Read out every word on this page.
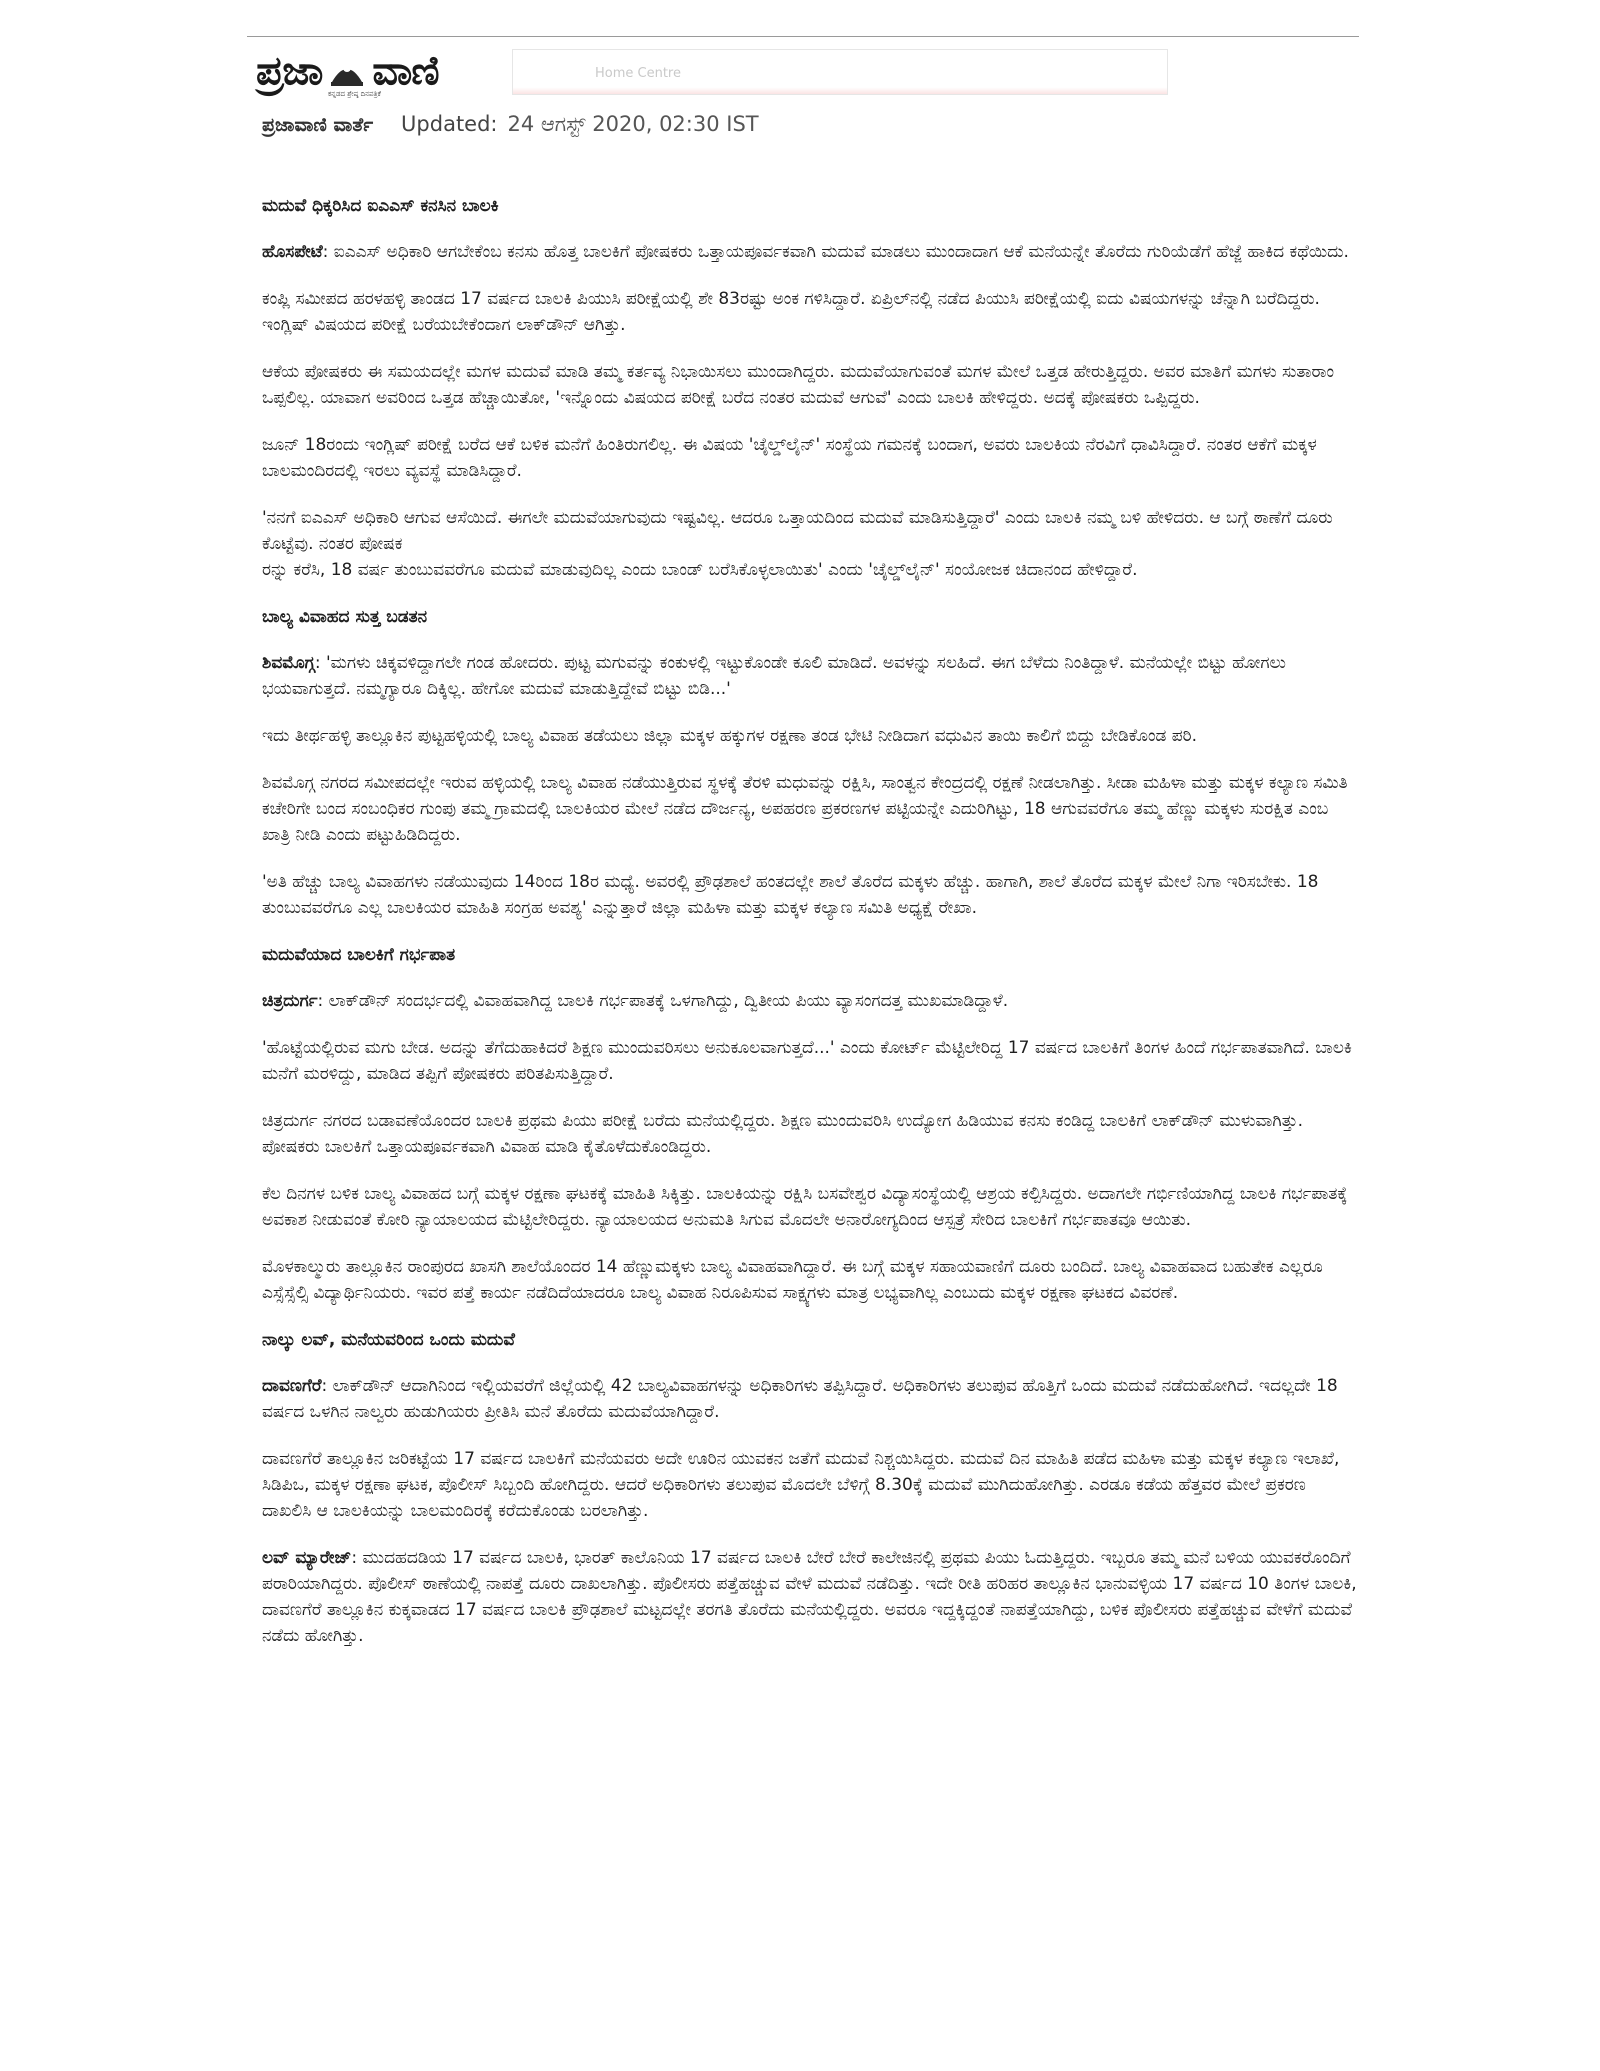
ಪ್ರಜಾ ವಾಣಿ
ಕನ್ನಡದ ಶ್ರೇಷ್ಠ ದಿನಪತ್ರಿಕೆ
Home Centre
ಪ್ರಜಾವಾಣಿ ವಾರ್ತೆ Updated: 24 ಆಗಸ್ಟ್ 2020, 02:30 IST
ಮದುವೆ ಧಿಕ್ಕರಿಸಿದ ಐಎಎಸ್ ಕನಸಿನ ಬಾಲಕಿ

ಹೊಸಪೇಟೆ: ಐಎಎಸ್ ಅಧಿಕಾರಿ ಆಗಬೇಕೆಂಬ ಕನಸು ಹೊತ್ತ ಬಾಲಕಿಗೆ ಪೋಷಕರು ಒತ್ತಾಯಪೂರ್ವಕವಾಗಿ ಮದುವೆ ಮಾಡಲು ಮುಂದಾದಾಗ ಆಕೆ ಮನೆಯನ್ನೇ ತೊರೆದು ಗುರಿಯೆಡೆಗೆ ಹೆಜ್ಜೆ ಹಾಕಿದ ಕಥೆಯಿದು.

ಕಂಪ್ಲಿ ಸಮೀಪದ ಹರಳಹಳ್ಳಿ ತಾಂಡದ 17 ವರ್ಷದ ಬಾಲಕಿ ಪಿಯುಸಿ ಪರೀಕ್ಷೆಯಲ್ಲಿ ಶೇ 83ರಷ್ಟು ಅಂಕ ಗಳಿಸಿದ್ದಾರೆ. ಏಪ್ರಿಲ್‌ನಲ್ಲಿ ನಡೆದ ಪಿಯುಸಿ ಪರೀಕ್ಷೆಯಲ್ಲಿ ಐದು ವಿಷಯಗಳನ್ನು ಚೆನ್ನಾಗಿ ಬರೆದಿದ್ದರು. ಇಂಗ್ಲಿಷ್ ವಿಷಯದ ಪರೀಕ್ಷೆ ಬರೆಯಬೇಕೆಂದಾಗ ಲಾಕ್‌ಡೌನ್ ಆಗಿತ್ತು.

ಆಕೆಯ ಪೋಷಕರು ಈ ಸಮಯದಲ್ಲೇ ಮಗಳ ಮದುವೆ ಮಾಡಿ ತಮ್ಮ ಕರ್ತವ್ಯ ನಿಭಾಯಿಸಲು ಮುಂದಾಗಿದ್ದರು. ಮದುವೆಯಾಗುವಂತೆ ಮಗಳ ಮೇಲೆ ಒತ್ತಡ ಹೇರುತ್ತಿದ್ದರು. ಅವರ ಮಾತಿಗೆ ಮಗಳು ಸುತಾರಾಂ ಒಪ್ಪಲಿಲ್ಲ. ಯಾವಾಗ ಅವರಿಂದ ಒತ್ತಡ ಹೆಚ್ಚಾಯಿತೋ, 'ಇನ್ನೊಂದು ವಿಷಯದ ಪರೀಕ್ಷೆ ಬರೆದ ನಂತರ ಮದುವೆ ಆಗುವೆ' ಎಂದು ಬಾಲಕಿ ಹೇಳಿದ್ದರು. ಅದಕ್ಕೆ ಪೋಷಕರು ಒಪ್ಪಿದ್ದರು.

ಜೂನ್ 18ರಂದು ಇಂಗ್ಲಿಷ್ ಪರೀಕ್ಷೆ ಬರೆದ ಆಕೆ ಬಳಿಕ ಮನೆಗೆ ಹಿಂತಿರುಗಲಿಲ್ಲ. ಈ ವಿಷಯ 'ಚೈಲ್ಡ್‌ಲೈನ್' ಸಂಸ್ಥೆಯ ಗಮನಕ್ಕೆ ಬಂದಾಗ, ಅವರು ಬಾಲಕಿಯ ನೆರವಿಗೆ ಧಾವಿಸಿದ್ದಾರೆ. ನಂತರ ಆಕೆಗೆ ಮಕ್ಕಳ ಬಾಲಮಂದಿರದಲ್ಲಿ ಇರಲು ವ್ಯವಸ್ಥೆ ಮಾಡಿಸಿದ್ದಾರೆ.

'ನನಗೆ ಐಎಎಸ್ ಅಧಿಕಾರಿ ಆಗುವ ಆಸೆಯಿದೆ. ಈಗಲೇ ಮದುವೆಯಾಗುವುದು ಇಷ್ಟವಿಲ್ಲ. ಆದರೂ ಒತ್ತಾಯದಿಂದ ಮದುವೆ ಮಾಡಿಸುತ್ತಿದ್ದಾರೆ' ಎಂದು ಬಾಲಕಿ ನಮ್ಮ ಬಳಿ ಹೇಳಿದರು. ಆ ಬಗ್ಗೆ ಠಾಣೆಗೆ ದೂರು ಕೊಟ್ಟೆವು. ನಂತರ ಪೋಷಕ
ರನ್ನು ಕರೆಸಿ, 18 ವರ್ಷ ತುಂಬುವವರೆಗೂ ಮದುವೆ ಮಾಡುವುದಿಲ್ಲ ಎಂದು ಬಾಂಡ್ ಬರೆಸಿಕೊಳ್ಳಲಾಯಿತು' ಎಂದು 'ಚೈಲ್ಡ್‌ಲೈನ್' ಸಂಯೋಜಕ ಚಿದಾನಂದ ಹೇಳಿದ್ದಾರೆ.

ಬಾಲ್ಯ ವಿವಾಹದ ಸುತ್ತ ಬಡತನ

ಶಿವಮೊಗ್ಗ: 'ಮಗಳು ಚಿಕ್ಕವಳಿದ್ದಾಗಲೇ ಗಂಡ ಹೋದರು. ಪುಟ್ಟ ಮಗುವನ್ನು ಕಂಕುಳಲ್ಲಿ ಇಟ್ಟುಕೊಂಡೇ ಕೂಲಿ ಮಾಡಿದೆ. ಅವಳನ್ನು ಸಲಹಿದೆ. ಈಗ ಬೆಳೆದು ನಿಂತಿದ್ದಾಳೆ. ಮನೆಯಲ್ಲೇ ಬಿಟ್ಟು ಹೋಗಲು ಭಯವಾಗುತ್ತದೆ. ನಮ್ಮಗ್ಯಾರೂ ದಿಕ್ಕಿಲ್ಲ. ಹೇಗೋ ಮದುವೆ ಮಾಡುತ್ತಿದ್ದೇವೆ ಬಿಟ್ಟು ಬಿಡಿ...'

ಇದು ತೀರ್ಥಹಳ್ಳಿ ತಾಲ್ಲೂಕಿನ ಪುಟ್ಟಹಳ್ಳಿಯಲ್ಲಿ ಬಾಲ್ಯ ವಿವಾಹ ತಡೆಯಲು ಜಿಲ್ಲಾ ಮಕ್ಕಳ ಹಕ್ಕುಗಳ ರಕ್ಷಣಾ ತಂಡ ಭೇಟಿ ನೀಡಿದಾಗ ವಧುವಿನ ತಾಯಿ ಕಾಲಿಗೆ ಬಿದ್ದು ಬೇಡಿಕೊಂಡ ಪರಿ.

ಶಿವಮೊಗ್ಗ ನಗರದ ಸಮೀಪದಲ್ಲೇ ಇರುವ ಹಳ್ಳಿಯಲ್ಲಿ ಬಾಲ್ಯ ವಿವಾಹ ನಡೆಯುತ್ತಿರುವ ಸ್ಥಳಕ್ಕೆ ತೆರಳಿ ಮಧುವನ್ನು ರಕ್ಷಿಸಿ, ಸಾಂತ್ವನ ಕೇಂದ್ರದಲ್ಲಿ ರಕ್ಷಣೆ ನೀಡಲಾಗಿತ್ತು. ಸೀಡಾ ಮಹಿಳಾ ಮತ್ತು ಮಕ್ಕಳ ಕಲ್ಯಾಣ ಸಮಿತಿ ಕಚೇರಿಗೇ ಬಂದ ಸಂಬಂಧಿಕರ ಗುಂಪು ತಮ್ಮ ಗ್ರಾಮದಲ್ಲಿ ಬಾಲಕಿಯರ ಮೇಲೆ ನಡೆದ ದೌರ್ಜನ್ಯ, ಅಪಹರಣ ಪ್ರಕರಣಗಳ ಪಟ್ಟಿಯನ್ನೇ ಎದುರಿಗಿಟ್ಟು, 18 ಆಗುವವರೆಗೂ ತಮ್ಮ ಹೆಣ್ಣು ಮಕ್ಕಳು ಸುರಕ್ಷಿತ ಎಂಬ ಖಾತ್ರಿ ನೀಡಿ ಎಂದು ಪಟ್ಟುಹಿಡಿದಿದ್ದರು.

'ಅತಿ ಹೆಚ್ಚು ಬಾಲ್ಯ ವಿವಾಹಗಳು ನಡೆಯುವುದು 14ರಿಂದ 18ರ ಮಧ್ಯೆ. ಅವರಲ್ಲಿ ಪ್ರೌಢಶಾಲೆ ಹಂತದಲ್ಲೇ ಶಾಲೆ ತೊರೆದ ಮಕ್ಕಳು ಹೆಚ್ಚು. ಹಾಗಾಗಿ, ಶಾಲೆ ತೊರೆದ ಮಕ್ಕಳ ಮೇಲೆ ನಿಗಾ ಇರಿಸಬೇಕು. 18 ತುಂಬುವವರೆಗೂ ಎಲ್ಲ ಬಾಲಕಿಯರ ಮಾಹಿತಿ ಸಂಗ್ರಹ ಅವಶ್ಯ' ಎನ್ನುತ್ತಾರೆ ಜಿಲ್ಲಾ ಮಹಿಳಾ ಮತ್ತು ಮಕ್ಕಳ ಕಲ್ಯಾಣ ಸಮಿತಿ ಅಧ್ಯಕ್ಷೆ ರೇಖಾ.

ಮದುವೆಯಾದ ಬಾಲಕಿಗೆ ಗರ್ಭಪಾತ

ಚಿತ್ರದುರ್ಗ: ಲಾಕ್‌ಡೌನ್ ಸಂದರ್ಭದಲ್ಲಿ ವಿವಾಹವಾಗಿದ್ದ ಬಾಲಕಿ ಗರ್ಭಪಾತಕ್ಕೆ ಒಳಗಾಗಿದ್ದು, ದ್ವಿತೀಯ ಪಿಯು ವ್ಯಾಸಂಗದತ್ತ ಮುಖಮಾಡಿದ್ದಾಳೆ.

'ಹೊಟ್ಟೆಯಲ್ಲಿರುವ ಮಗು ಬೇಡ. ಅದನ್ನು ತೆಗೆದುಹಾಕಿದರೆ ಶಿಕ್ಷಣ ಮುಂದುವರಿಸಲು ಅನುಕೂಲವಾಗುತ್ತದೆ...' ಎಂದು ಕೋರ್ಟ್ ಮೆಟ್ಟಿಲೇರಿದ್ದ 17 ವರ್ಷದ ಬಾಲಕಿಗೆ ತಿಂಗಳ ಹಿಂದೆ ಗರ್ಭಪಾತವಾಗಿದೆ. ಬಾಲಕಿ ಮನೆಗೆ ಮರಳಿದ್ದು, ಮಾಡಿದ ತಪ್ಪಿಗೆ ಪೋಷಕರು ಪರಿತಪಿಸುತ್ತಿದ್ದಾರೆ.

ಚಿತ್ರದುರ್ಗ ನಗರದ ಬಡಾವಣೆಯೊಂದರ ಬಾಲಕಿ ಪ್ರಥಮ ಪಿಯು ಪರೀಕ್ಷೆ ಬರೆದು ಮನೆಯಲ್ಲಿದ್ದರು. ಶಿಕ್ಷಣ ಮುಂದುವರಿಸಿ ಉದ್ಯೋಗ ಹಿಡಿಯುವ ಕನಸು ಕಂಡಿದ್ದ ಬಾಲಕಿಗೆ ಲಾಕ್‌ಡೌನ್ ಮುಳುವಾಗಿತ್ತು. ಪೋಷಕರು ಬಾಲಕಿಗೆ ಒತ್ತಾಯಪೂರ್ವಕವಾಗಿ ವಿವಾಹ ಮಾಡಿ ಕೈತೊಳೆದುಕೊಂಡಿದ್ದರು.

ಕೆಲ ದಿನಗಳ ಬಳಿಕ ಬಾಲ್ಯ ವಿವಾಹದ ಬಗ್ಗೆ ಮಕ್ಕಳ ರಕ್ಷಣಾ ಘಟಕಕ್ಕೆ ಮಾಹಿತಿ ಸಿಕ್ಕಿತ್ತು. ಬಾಲಕಿಯನ್ನು ರಕ್ಷಿಸಿ ಬಸವೇಶ್ವರ ವಿದ್ಯಾಸಂಸ್ಥೆಯಲ್ಲಿ ಆಶ್ರಯ ಕಲ್ಪಿಸಿದ್ದರು. ಅದಾಗಲೇ ಗರ್ಭಿಣಿಯಾಗಿದ್ದ ಬಾಲಕಿ ಗರ್ಭಪಾತಕ್ಕೆ ಅವಕಾಶ ನೀಡುವಂತೆ ಕೋರಿ ನ್ಯಾಯಾಲಯದ ಮೆಟ್ಟಿಲೇರಿದ್ದರು. ನ್ಯಾಯಾಲಯದ ಅನುಮತಿ ಸಿಗುವ ಮೊದಲೇ ಅನಾರೋಗ್ಯದಿಂದ ಆಸ್ಪತ್ರೆ ಸೇರಿದ ಬಾಲಕಿಗೆ ಗರ್ಭಪಾತವೂ ಆಯಿತು.

ಮೊಳಕಾಲ್ಮುರು ತಾಲ್ಲೂಕಿನ ರಾಂಪುರದ ಖಾಸಗಿ ಶಾಲೆಯೊಂದರ 14 ಹೆಣ್ಣುಮಕ್ಕಳು ಬಾಲ್ಯ ವಿವಾಹವಾಗಿದ್ದಾರೆ. ಈ ಬಗ್ಗೆ ಮಕ್ಕಳ ಸಹಾಯವಾಣಿಗೆ ದೂರು ಬಂದಿದೆ. ಬಾಲ್ಯ ವಿವಾಹವಾದ ಬಹುತೇಕ ಎಲ್ಲರೂ ಎಸ್ಸೆಸ್ಸೆಲ್ಸಿ ವಿದ್ಯಾರ್ಥಿನಿಯರು. ಇವರ ಪತ್ತೆ ಕಾರ್ಯ ನಡೆದಿದೆಯಾದರೂ ಬಾಲ್ಯ ವಿವಾಹ ನಿರೂಪಿಸುವ ಸಾಕ್ಷ್ಯಗಳು ಮಾತ್ರ ಲಭ್ಯವಾಗಿಲ್ಲ ಎಂಬುದು ಮಕ್ಕಳ ರಕ್ಷಣಾ ಘಟಕದ ವಿವರಣೆ.

ನಾಲ್ಕು ಲವ್, ಮನೆಯವರಿಂದ ಒಂದು ಮದುವೆ

ದಾವಣಗೆರೆ: ಲಾಕ್‌ಡೌನ್ ಆದಾಗಿನಿಂದ ಇಲ್ಲಿಯವರೆಗೆ ಜಿಲ್ಲೆಯಲ್ಲಿ 42 ಬಾಲ್ಯವಿವಾಹಗಳನ್ನು ಅಧಿಕಾರಿಗಳು ತಪ್ಪಿಸಿದ್ದಾರೆ. ಅಧಿಕಾರಿಗಳು ತಲುಪುವ ಹೊತ್ತಿಗೆ ಒಂದು ಮದುವೆ ನಡೆದುಹೋಗಿದೆ. ಇದಲ್ಲದೇ 18 ವರ್ಷದ ಒಳಗಿನ ನಾಲ್ವರು ಹುಡುಗಿಯರು ಪ್ರೀತಿಸಿ ಮನೆ ತೊರೆದು ಮದುವೆಯಾಗಿದ್ದಾರೆ.

ದಾವಣಗೆರೆ ತಾಲ್ಲೂಕಿನ ಜರಿಕಟ್ಟೆಯ 17 ವರ್ಷದ ಬಾಲಕಿಗೆ ಮನೆಯವರು ಅದೇ ಊರಿನ ಯುವಕನ ಜತೆಗೆ ಮದುವೆ ನಿಶ್ಚಯಿಸಿದ್ದರು. ಮದುವೆ ದಿನ ಮಾಹಿತಿ ಪಡೆದ ಮಹಿಳಾ ಮತ್ತು ಮಕ್ಕಳ ಕಲ್ಯಾಣ ಇಲಾಖೆ, ಸಿಡಿಪಿಒ, ಮಕ್ಕಳ ರಕ್ಷಣಾ ಘಟಕ, ಪೊಲೀಸ್ ಸಿಬ್ಬಂದಿ ಹೋಗಿದ್ದರು. ಆದರೆ ಅಧಿಕಾರಿಗಳು ತಲುಪುವ ಮೊದಲೇ ಬೆಳಿಗ್ಗೆ 8.30ಕ್ಕೆ ಮದುವೆ ಮುಗಿದುಹೋಗಿತ್ತು. ಎರಡೂ ಕಡೆಯ ಹೆತ್ತವರ ಮೇಲೆ ಪ್ರಕರಣ ದಾಖಲಿಸಿ ಆ ಬಾಲಕಿಯನ್ನು ಬಾಲಮಂದಿರಕ್ಕೆ ಕರೆದುಕೊಂಡು ಬರಲಾಗಿತ್ತು.

ಲವ್ ಮ್ಯಾರೇಜ್: ಮುದಹದಡಿಯ 17 ವರ್ಷದ ಬಾಲಕಿ, ಭಾರತ್ ಕಾಲೊನಿಯ 17 ವರ್ಷದ ಬಾಲಕಿ ಬೇರೆ ಬೇರೆ ಕಾಲೇಜಿನಲ್ಲಿ ಪ್ರಥಮ ಪಿಯು ಓದುತ್ತಿದ್ದರು. ಇಬ್ಬರೂ ತಮ್ಮ ಮನೆ ಬಳಿಯ ಯುವಕರೊಂದಿಗೆ ಪರಾರಿಯಾಗಿದ್ದರು. ಪೊಲೀಸ್ ಠಾಣೆಯಲ್ಲಿ ನಾಪತ್ತೆ ದೂರು ದಾಖಲಾಗಿತ್ತು. ಪೊಲೀಸರು ಪತ್ತೆಹಚ್ಚುವ ವೇಳೆ ಮದುವೆ ನಡೆದಿತ್ತು. ಇದೇ ರೀತಿ ಹರಿಹರ ತಾಲ್ಲೂಕಿನ ಭಾನುವಳ್ಳಿಯ 17 ವರ್ಷದ 10 ತಿಂಗಳ ಬಾಲಕಿ, ದಾವಣಗೆರೆ ತಾಲ್ಲೂಕಿನ ಕುಕ್ಕವಾಡದ 17 ವರ್ಷದ ಬಾಲಕಿ ಪ್ರೌಢಶಾಲೆ ಮಟ್ಟದಲ್ಲೇ ತರಗತಿ ತೊರೆದು ಮನೆಯಲ್ಲಿದ್ದರು. ಅವರೂ ಇದ್ದಕ್ಕಿದ್ದಂತೆ ನಾಪತ್ತೆಯಾಗಿದ್ದು, ಬಳಿಕ ಪೊಲೀಸರು ಪತ್ತೆಹಚ್ಚುವ ವೇಳೆಗೆ ಮದುವೆ ನಡೆದು ಹೋಗಿತ್ತು.
